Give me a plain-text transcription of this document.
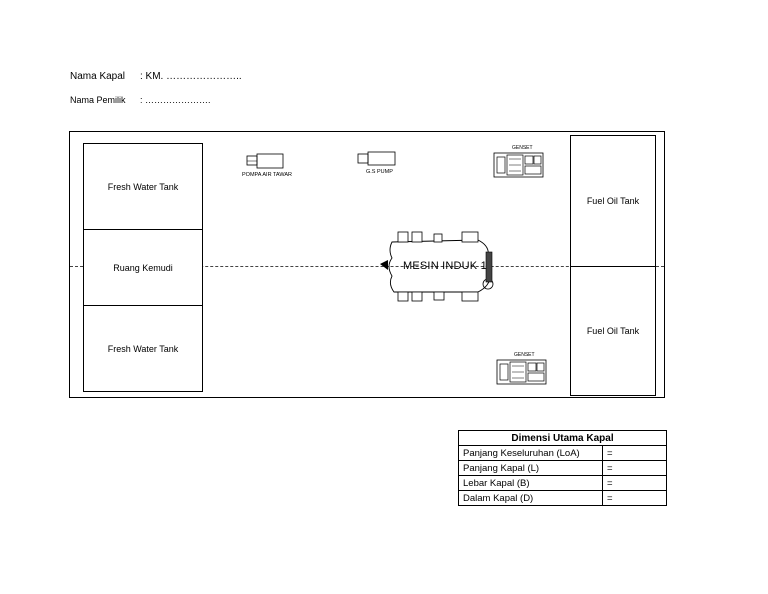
Nama Kapal : KM. …………………..
Nama Pemilik : ………………….
Fresh Water Tank
Ruang Kemudi
Fresh Water Tank
Fuel Oil Tank
Fuel Oil Tank
POMPA AIR TAWAR	G.S PUMP
GENSET
GENSET
MESIN INDUK 1
Dimensi Utama Kapal	
Panjang Keseluruhan (LoA)	=
Panjang Kapal (L)	=
Lebar Kapal (B)	=
Dalam Kapal (D)	=
